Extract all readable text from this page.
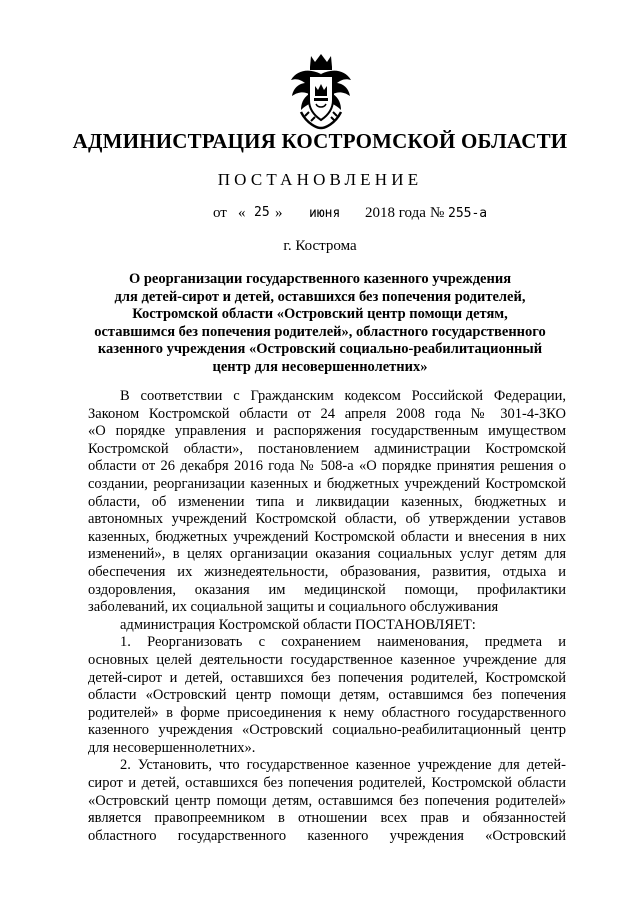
АДМИНИСТРАЦИЯ КОСТРОМСКОЙ ОБЛАСТИ
ПОСТАНОВЛЕНИЕ
от « 25 » июня 2018 года № 255-а
г. Кострома
О реорганизации государственного казенного учреждения
для детей-сирот и детей, оставшихся без попечения родителей,
Костромской области «Островский центр помощи детям,
оставшимся без попечения родителей», областного государственного
казенного учреждения «Островский социально-реабилитационный
центр для несовершеннолетних»
В соответствии с Гражданским кодексом Российской Федерации,
Законом Костромской области от 24 апреля 2008 года № 301-4-ЗКО
«О порядке управления и распоряжения государственным имуществом
Костромской области», постановлением администрации Костромской
области от 26 декабря 2016 года № 508-а «О порядке принятия решения о
создании, реорганизации казенных и бюджетных учреждений Костромской
области, об изменении типа и ликвидации казенных, бюджетных и
автономных учреждений Костромской области, об утверждении уставов
казенных, бюджетных учреждений Костромской области и внесения в них
изменений», в целях организации оказания социальных услуг детям для
обеспечения их жизнедеятельности, образования, развития, отдыха и
оздоровления, оказания им медицинской помощи, профилактики
заболеваний, их социальной защиты и социального обслуживания
администрация Костромской области ПОСТАНОВЛЯЕТ:
1. Реорганизовать с сохранением наименования, предмета и
основных целей деятельности государственное казенное учреждение для
детей-сирот и детей, оставшихся без попечения родителей, Костромской
области «Островский центр помощи детям, оставшимся без попечения
родителей» в форме присоединения к нему областного государственного
казенного учреждения «Островский социально-реабилитационный центр
для несовершеннолетних».
2. Установить, что государственное казенное учреждение для детей-
сирот и детей, оставшихся без попечения родителей, Костромской области
«Островский центр помощи детям, оставшимся без попечения родителей»
является правопреемником в отношении всех прав и обязанностей
областного государственного казенного учреждения «Островский
